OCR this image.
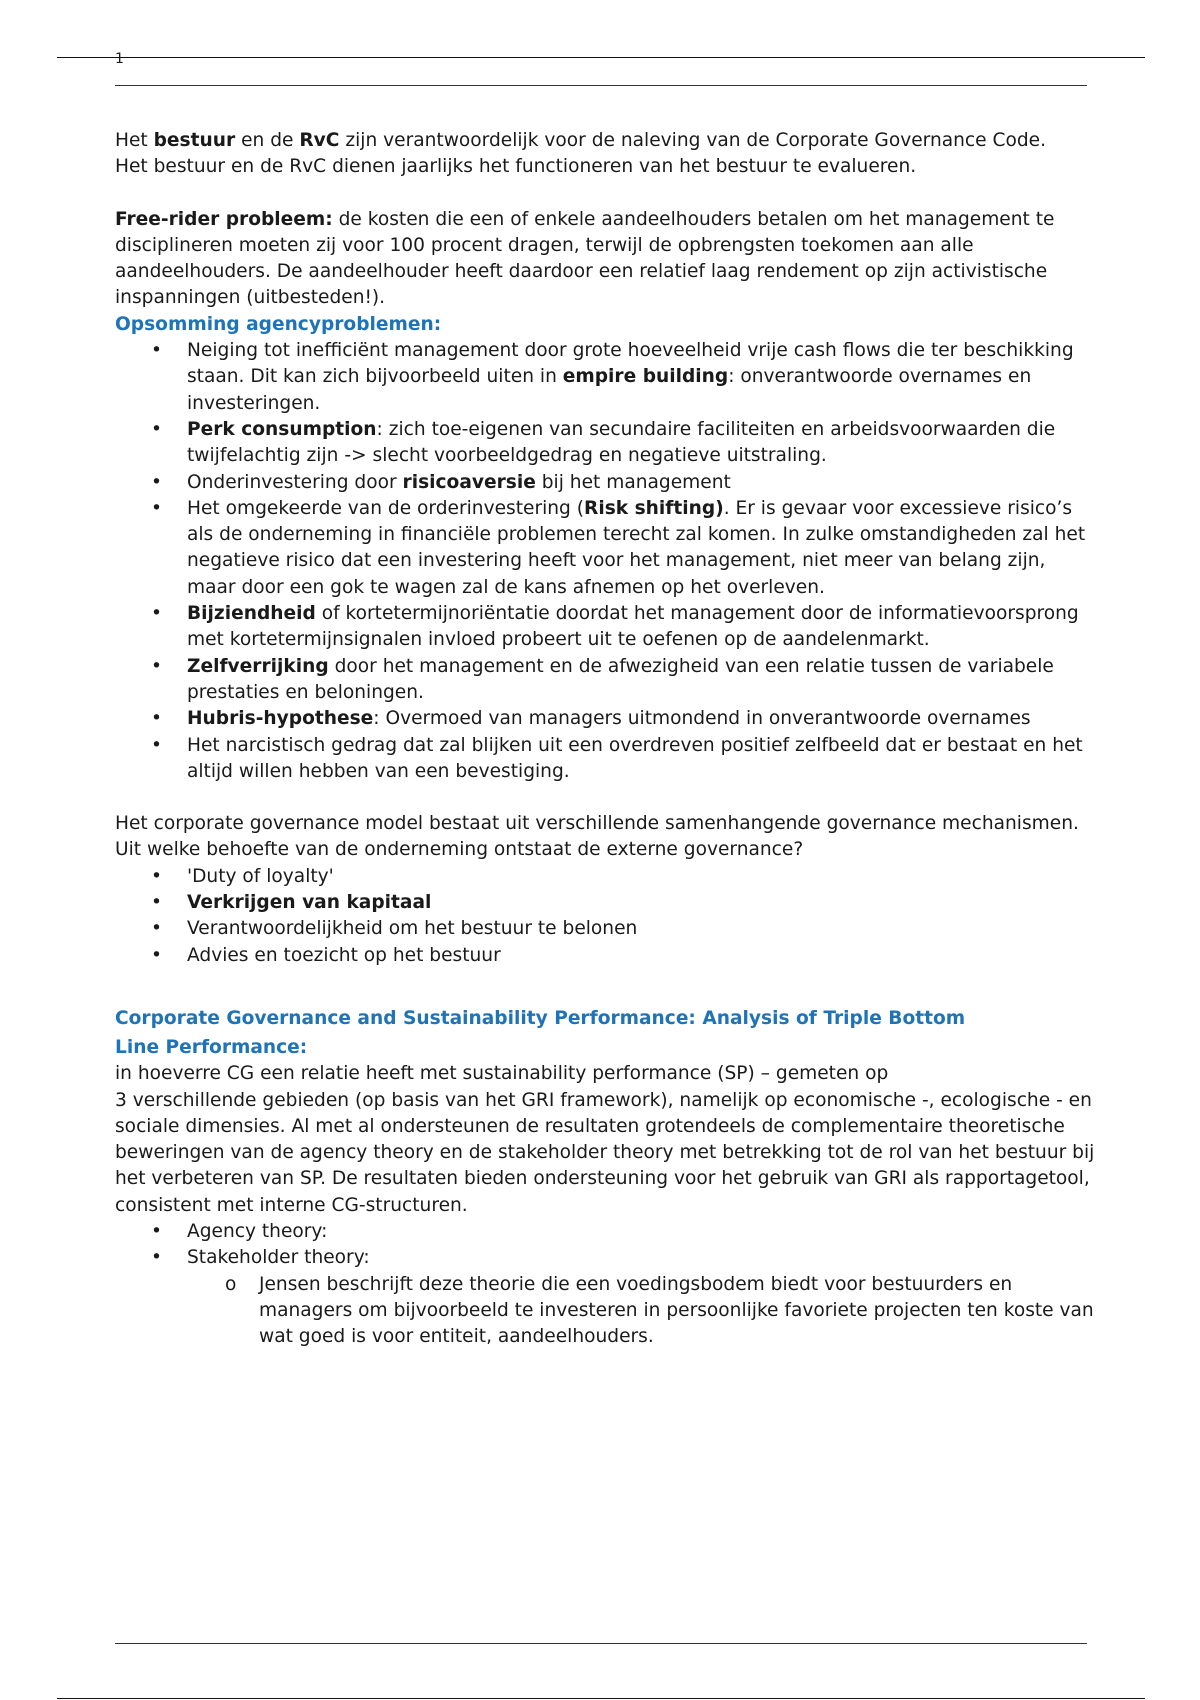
1

Het bestuur en de RvC zijn verantwoordelijk voor de naleving van de Corporate Governance Code.

Het bestuur en de RvC dienen jaarlijks het functioneren van het bestuur te evalueren.

Free-rider probleem: de kosten die een of enkele aandeelhouders betalen om het management te

disciplineren moeten zij voor 100 procent dragen, terwijl de opbrengsten toekomen aan alle aandeelhouders. De aandeelhouder heeft daardoor een relatief laag rendement op zijn activistische inspanningen (uitbesteden!).

Opsomming agencyproblemen:

• Neiging tot inefficiënt management door grote hoeveelheid vrije cash flows die ter beschikking staan. Dit kan zich bijvoorbeeld uiten in empire building: onverantwoorde overnames en investeringen.
• Perk consumption: zich toe-eigenen van secundaire faciliteiten en arbeidsvoorwaarden die twijfelachtig zijn -> slecht voorbeeldgedrag en negatieve uitstraling.
• Onderinvestering door risicoaversie bij het management
• Het omgekeerde van de orderinvestering (Risk shifting). Er is gevaar voor excessieve risico’s als de onderneming in financiële problemen terecht zal komen. In zulke omstandigheden zal het negatieve risico dat een investering heeft voor het management, niet meer van belang zijn, maar door een gok te wagen zal de kans afnemen op het overleven.
• Bijziendheid of kortetermijnoriëntatie doordat het management door de informatievoorsprong met kortetermijnsignalen invloed probeert uit te oefenen op de aandelenmarkt.
• Zelfverrijking door het management en de afwezigheid van een relatie tussen de variabele prestaties en beloningen.
• Hubris-hypothese: Overmoed van managers uitmondend in onverantwoorde overnames
• Het narcistisch gedrag dat zal blijken uit een overdreven positief zelfbeeld dat er bestaat en het altijd willen hebben van een bevestiging.

Het corporate governance model bestaat uit verschillende samenhangende governance mechanismen.

Uit welke behoefte van de onderneming ontstaat de externe governance?

• 'Duty of loyalty'
• Verkrijgen van kapitaal
• Verantwoordelijkheid om het bestuur te belonen
• Advies en toezicht op het bestuur

Corporate Governance and Sustainability Performance: Analysis of Triple Bottom

Line Performance:

in hoeverre CG een relatie heeft met sustainability performance (SP) – gemeten op

3 verschillende gebieden (op basis van het GRI framework), namelijk op economische -, ecologische - en sociale dimensies. Al met al ondersteunen de resultaten grotendeels de complementaire theoretische beweringen van de agency theory en de stakeholder theory met betrekking tot de rol van het bestuur bij het verbeteren van SP. De resultaten bieden ondersteuning voor het gebruik van GRI als rapportagetool, consistent met interne CG-structuren.

• Agency theory:
• Stakeholder theory:
o Jensen beschrijft deze theorie die een voedingsbodem biedt voor bestuurders en managers om bijvoorbeeld te investeren in persoonlijke favoriete projecten ten koste van wat goed is voor entiteit, aandeelhouders.
